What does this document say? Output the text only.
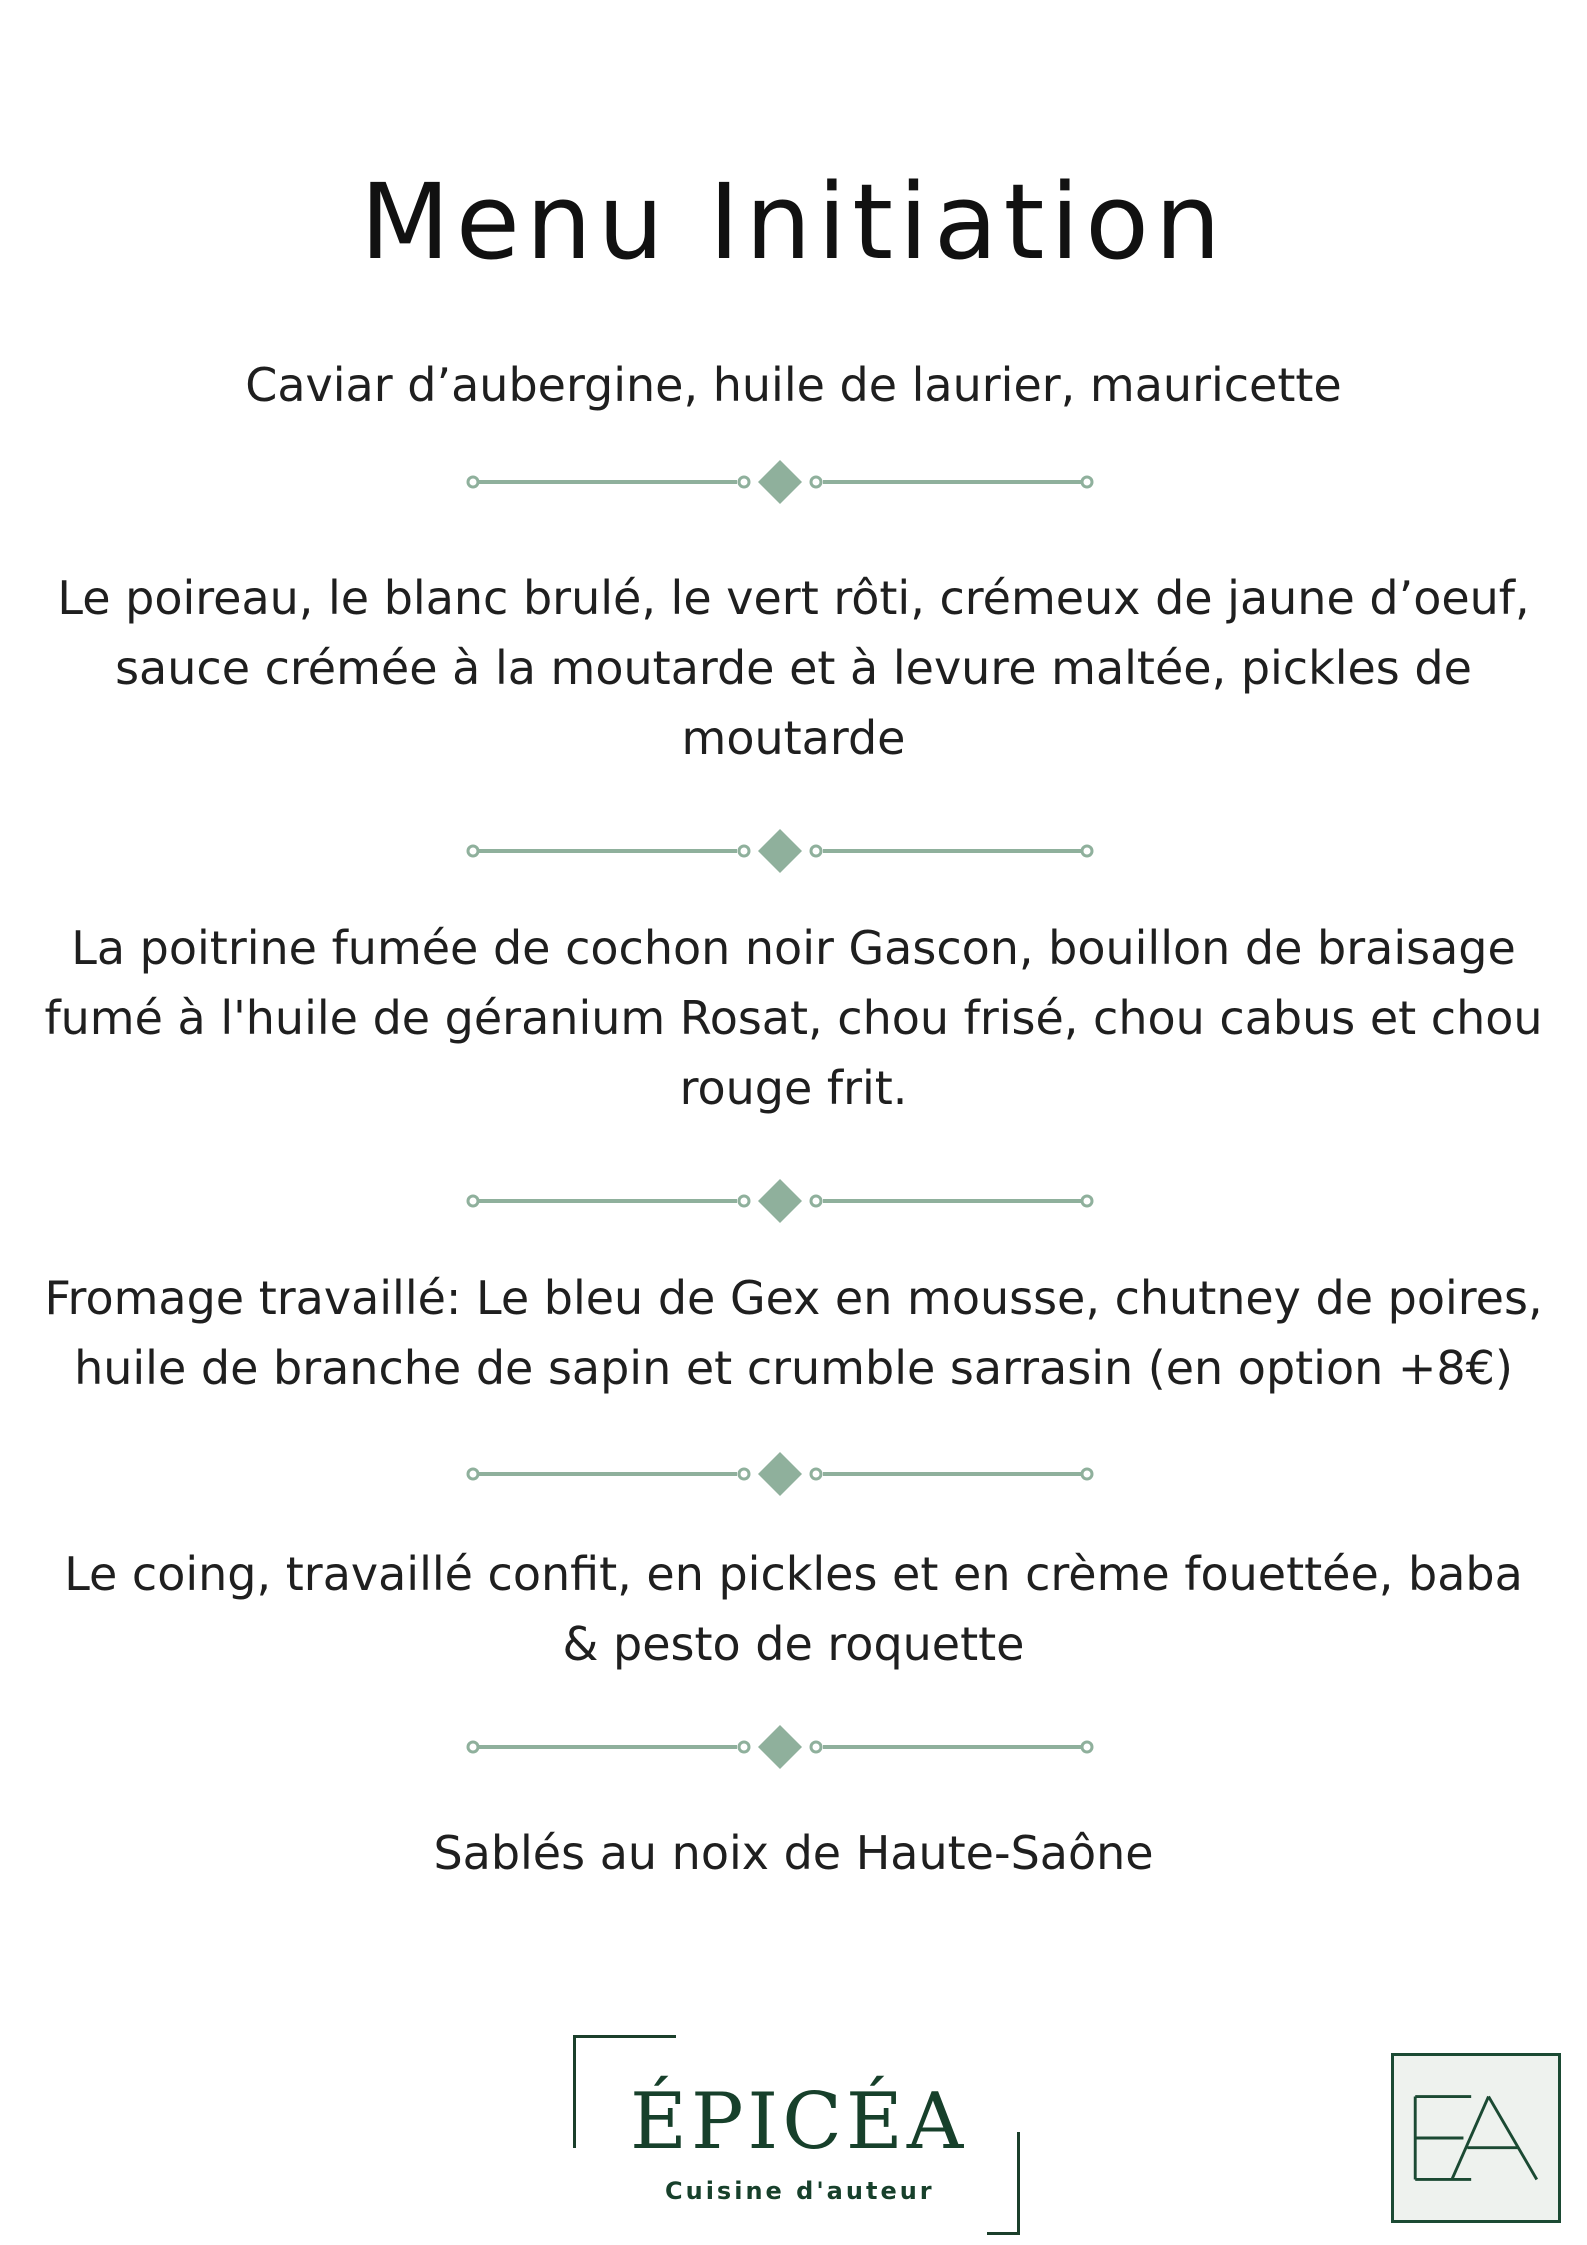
Menu Initiation
Caviar d’aubergine, huile de laurier, mauricette
Le poireau, le blanc brulé, le vert rôti, crémeux de jaune d’oeuf,
sauce crémée à la moutarde et à levure maltée, pickles de
moutarde
La poitrine fumée de cochon noir Gascon, bouillon de braisage
fumé à l'huile de géranium Rosat, chou frisé, chou cabus et chou
rouge frit.
Fromage travaillé: Le bleu de Gex en mousse, chutney de poires,
huile de branche de sapin et crumble sarrasin (en option +8€)
Le coing, travaillé confit, en pickles et en crème fouettée, baba
& pesto de roquette
Sablés au noix de Haute-Saône
ÉPICÉA
Cuisine d'auteur
